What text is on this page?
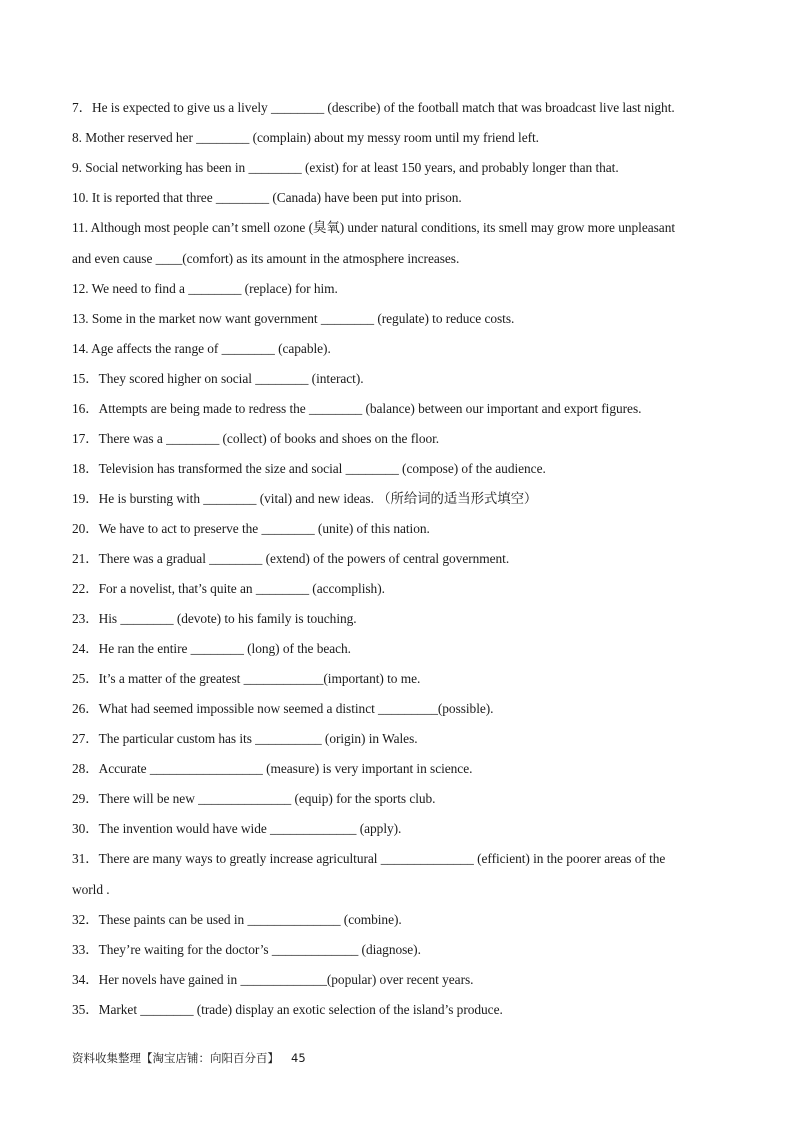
7．He is expected to give us a lively ________ (describe) of the football match that was broadcast live last night.
8. Mother reserved her ________ (complain) about my messy room until my friend left.
9. Social networking has been in ________ (exist) for at least 150 years, and probably longer than that.
10. It is reported that three ________ (Canada) have been put into prison.
11. Although most people can’t smell ozone (臭氧) under natural conditions, its smell may grow more unpleasant
and even cause ____(comfort) as its amount in the atmosphere increases.
12. We need to find a ________ (replace) for him.
13. Some in the market now want government ________ (regulate) to reduce costs.
14. Age affects the range of ________ (capable).
15．They scored higher on social ________ (interact).
16．Attempts are being made to redress the ________ (balance) between our important and export figures.
17．There was a ________ (collect) of books and shoes on the floor.
18．Television has transformed the size and social ________ (compose) of the audience.
19．He is bursting with ________ (vital) and new ideas. （所给词的适当形式填空）
20．We have to act to preserve the ________ (unite) of this nation.
21．There was a gradual ________ (extend) of the powers of central government.
22．For a novelist, that’s quite an ________ (accomplish).
23．His ________ (devote) to his family is touching.
24．He ran the entire ________ (long) of the beach.
25．It’s a matter of the greatest ____________(important) to me.
26．What had seemed impossible now seemed a distinct _________(possible).
27．The particular custom has its __________ (origin) in Wales.
28．Accurate _________________ (measure) is very important in science.
29．There will be new ______________ (equip) for the sports club.
30．The invention would have wide _____________ (apply).
31．There are many ways to greatly increase agricultural ______________ (efficient) in the poorer areas of the
world .
32．These paints can be used in ______________ (combine).
33．They’re waiting for the doctor’s _____________ (diagnose).
34．Her novels have gained in _____________(popular) over recent years.
35．Market ________ (trade) display an exotic selection of the island’s produce.
资料收集整理【淘宝店铺：向阳百分百】 45
